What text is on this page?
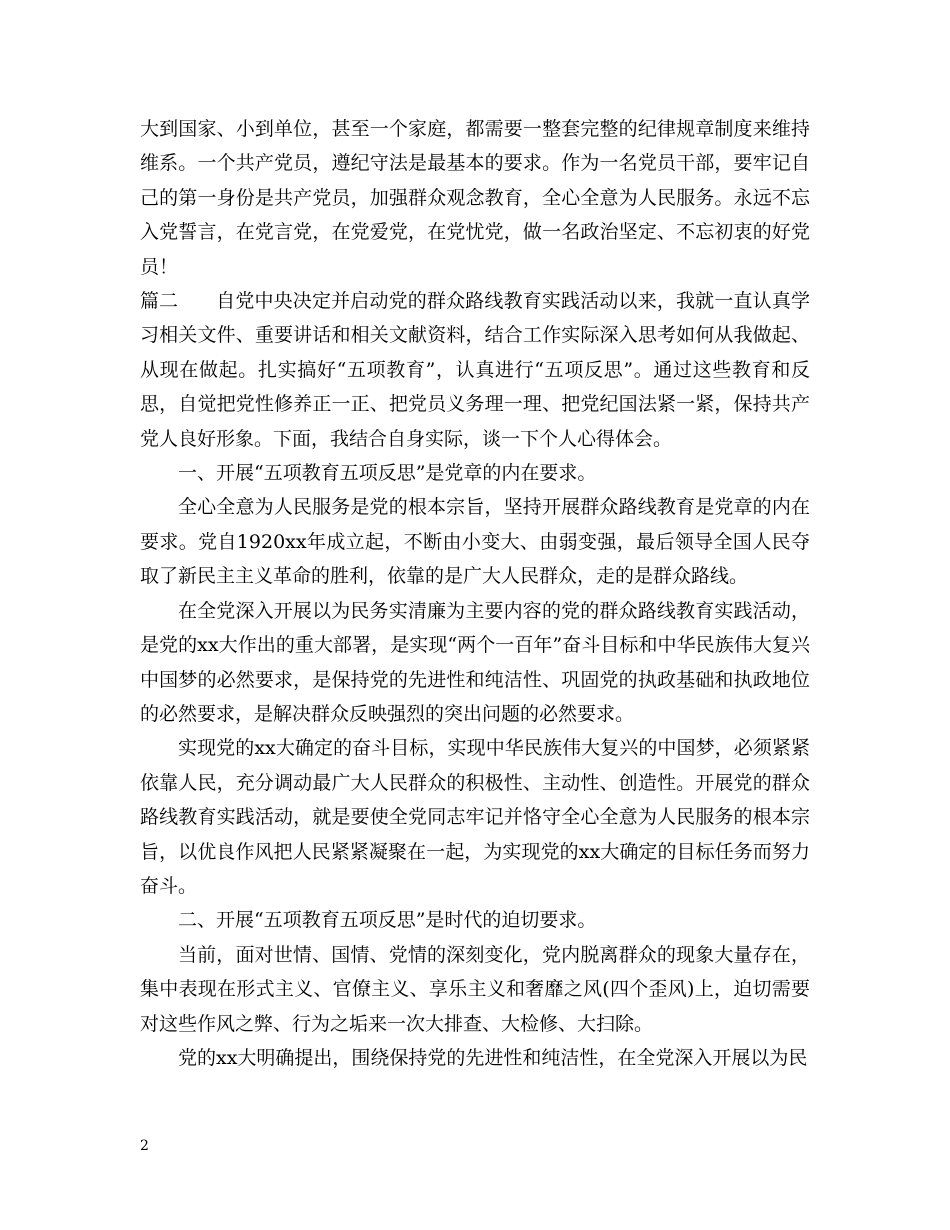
大到国家、小到单位，甚至一个家庭，都需要一整套完整的纪律规章制度来维持维系。一个共产党员，遵纪守法是最基本的要求。作为一名党员干部，要牢记自己的第一身份是共产党员，加强群众观念教育，全心全意为人民服务。永远不忘入党誓言，在党言党，在党爱党，在党忧党，做一名政治坚定、不忘初衷的好党员！

篇二 自党中央决定并启动党的群众路线教育实践活动以来，我就一直认真学习相关文件、重要讲话和相关文献资料，结合工作实际深入思考如何从我做起、从现在做起。扎实搞好“五项教育”，认真进行“五项反思”。通过这些教育和反思，自觉把党性修养正一正、把党员义务理一理、把党纪国法紧一紧，保持共产党人良好形象。下面，我结合自身实际，谈一下个人心得体会。

一、开展“五项教育五项反思”是党章的内在要求。

全心全意为人民服务是党的根本宗旨，坚持开展群众路线教育是党章的内在要求。党自1920xx年成立起，不断由小变大、由弱变强，最后领导全国人民夺取了新民主主义革命的胜利，依靠的是广大人民群众，走的是群众路线。

在全党深入开展以为民务实清廉为主要内容的党的群众路线教育实践活动，是党的xx大作出的重大部署，是实现“两个一百年”奋斗目标和中华民族伟大复兴中国梦的必然要求，是保持党的先进性和纯洁性、巩固党的执政基础和执政地位的必然要求，是解决群众反映强烈的突出问题的必然要求。

实现党的xx大确定的奋斗目标，实现中华民族伟大复兴的中国梦，必须紧紧依靠人民，充分调动最广大人民群众的积极性、主动性、创造性。开展党的群众路线教育实践活动，就是要使全党同志牢记并恪守全心全意为人民服务的根本宗旨，以优良作风把人民紧紧凝聚在一起，为实现党的xx大确定的目标任务而努力奋斗。

二、开展“五项教育五项反思”是时代的迫切要求。

当前，面对世情、国情、党情的深刻变化，党内脱离群众的现象大量存在，集中表现在形式主义、官僚主义、享乐主义和奢靡之风(四个歪风)上，迫切需要对这些作风之弊、行为之垢来一次大排查、大检修、大扫除。

党的xx大明确提出，围绕保持党的先进性和纯洁性，在全党深入开展以为民

2
